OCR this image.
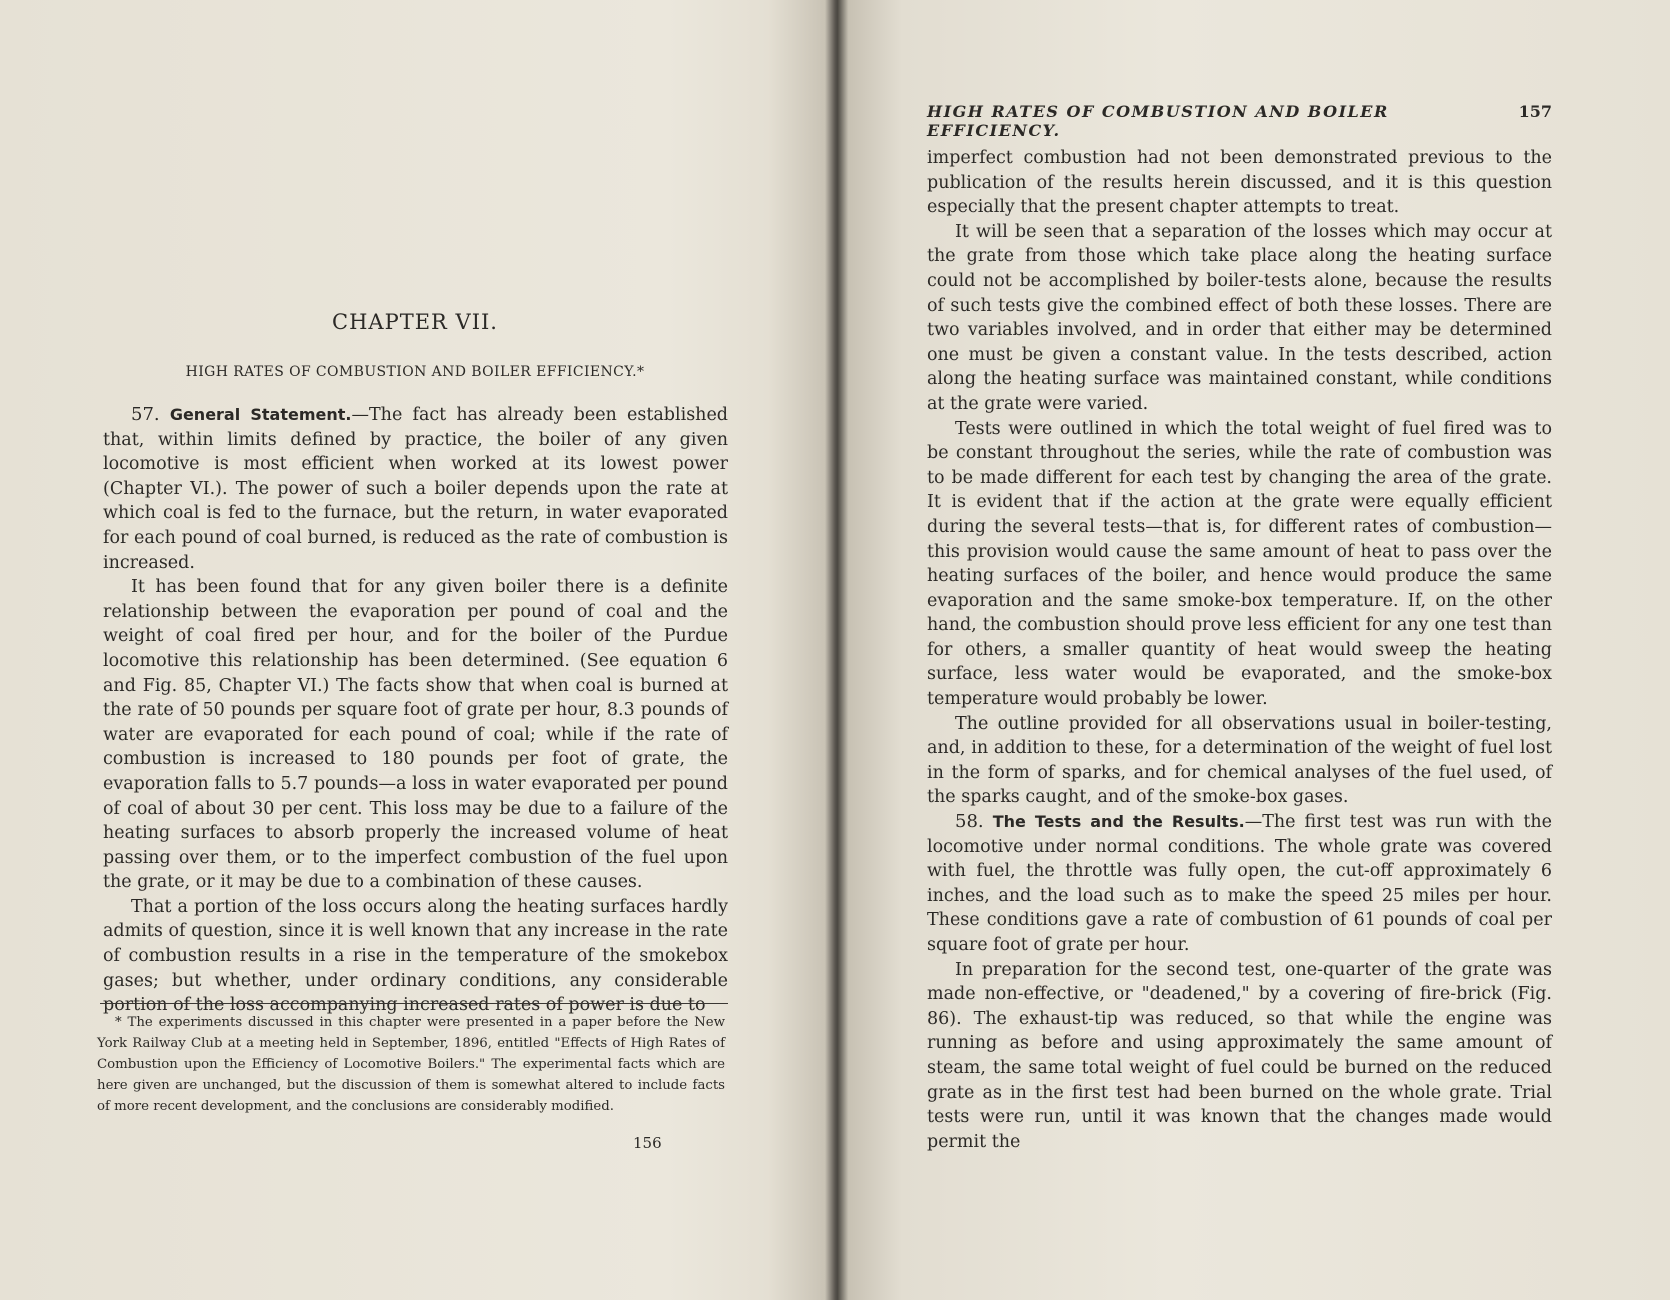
CHAPTER VII.
HIGH RATES OF COMBUSTION AND BOILER EFFICIENCY.*

57. General Statement.—The fact has already been established that, within limits defined by practice, the boiler of any given locomotive is most efficient when worked at its lowest power (Chapter VI.). The power of such a boiler depends upon the rate at which coal is fed to the furnace, but the return, in water evaporated for each pound of coal burned, is reduced as the rate of combustion is increased.

It has been found that for any given boiler there is a definite relationship between the evaporation per pound of coal and the weight of coal fired per hour, and for the boiler of the Purdue locomotive this relationship has been determined. (See equation 6 and Fig. 85, Chapter VI.) The facts show that when coal is burned at the rate of 50 pounds per square foot of grate per hour, 8.3 pounds of water are evaporated for each pound of coal; while if the rate of combustion is increased to 180 pounds per foot of grate, the evaporation falls to 5.7 pounds—a loss in water evaporated per pound of coal of about 30 per cent. This loss may be due to a failure of the heating surfaces to absorb properly the increased volume of heat passing over them, or to the imperfect combustion of the fuel upon the grate, or it may be due to a combination of these causes.

That a portion of the loss occurs along the heating surfaces hardly admits of question, since it is well known that any increase in the rate of combustion results in a rise in the temperature of the smokebox gases; but whether, under ordinary conditions, any considerable portion of the loss accompanying increased rates of power is due to

* The experiments discussed in this chapter were presented in a paper before the New York Railway Club at a meeting held in September, 1896, entitled "Effects of High Rates of Combustion upon the Efficiency of Locomotive Boilers." The experimental facts which are here given are unchanged, but the discussion of them is somewhat altered to include facts of more recent development, and the conclusions are considerably modified.

156
HIGH RATES OF COMBUSTION AND BOILER EFFICIENCY.
157

imperfect combustion had not been demonstrated previous to the publication of the results herein discussed, and it is this question especially that the present chapter attempts to treat.

It will be seen that a separation of the losses which may occur at the grate from those which take place along the heating surface could not be accomplished by boiler-tests alone, because the results of such tests give the combined effect of both these losses. There are two variables involved, and in order that either may be determined one must be given a constant value. In the tests described, action along the heating surface was maintained constant, while conditions at the grate were varied.

Tests were outlined in which the total weight of fuel fired was to be constant throughout the series, while the rate of combustion was to be made different for each test by changing the area of the grate. It is evident that if the action at the grate were equally efficient during the several tests—that is, for different rates of combustion—this provision would cause the same amount of heat to pass over the heating surfaces of the boiler, and hence would produce the same evaporation and the same smoke-box temperature. If, on the other hand, the combustion should prove less efficient for any one test than for others, a smaller quantity of heat would sweep the heating surface, less water would be evaporated, and the smoke-box temperature would probably be lower.

The outline provided for all observations usual in boiler-testing, and, in addition to these, for a determination of the weight of fuel lost in the form of sparks, and for chemical analyses of the fuel used, of the sparks caught, and of the smoke-box gases.

58. The Tests and the Results.—The first test was run with the locomotive under normal conditions. The whole grate was covered with fuel, the throttle was fully open, the cut-off approximately 6 inches, and the load such as to make the speed 25 miles per hour. These conditions gave a rate of combustion of 61 pounds of coal per square foot of grate per hour.

In preparation for the second test, one-quarter of the grate was made non-effective, or "deadened," by a covering of fire-brick (Fig. 86). The exhaust-tip was reduced, so that while the engine was running as before and using approximately the same amount of steam, the same total weight of fuel could be burned on the reduced grate as in the first test had been burned on the whole grate. Trial tests were run, until it was known that the changes made would permit the
